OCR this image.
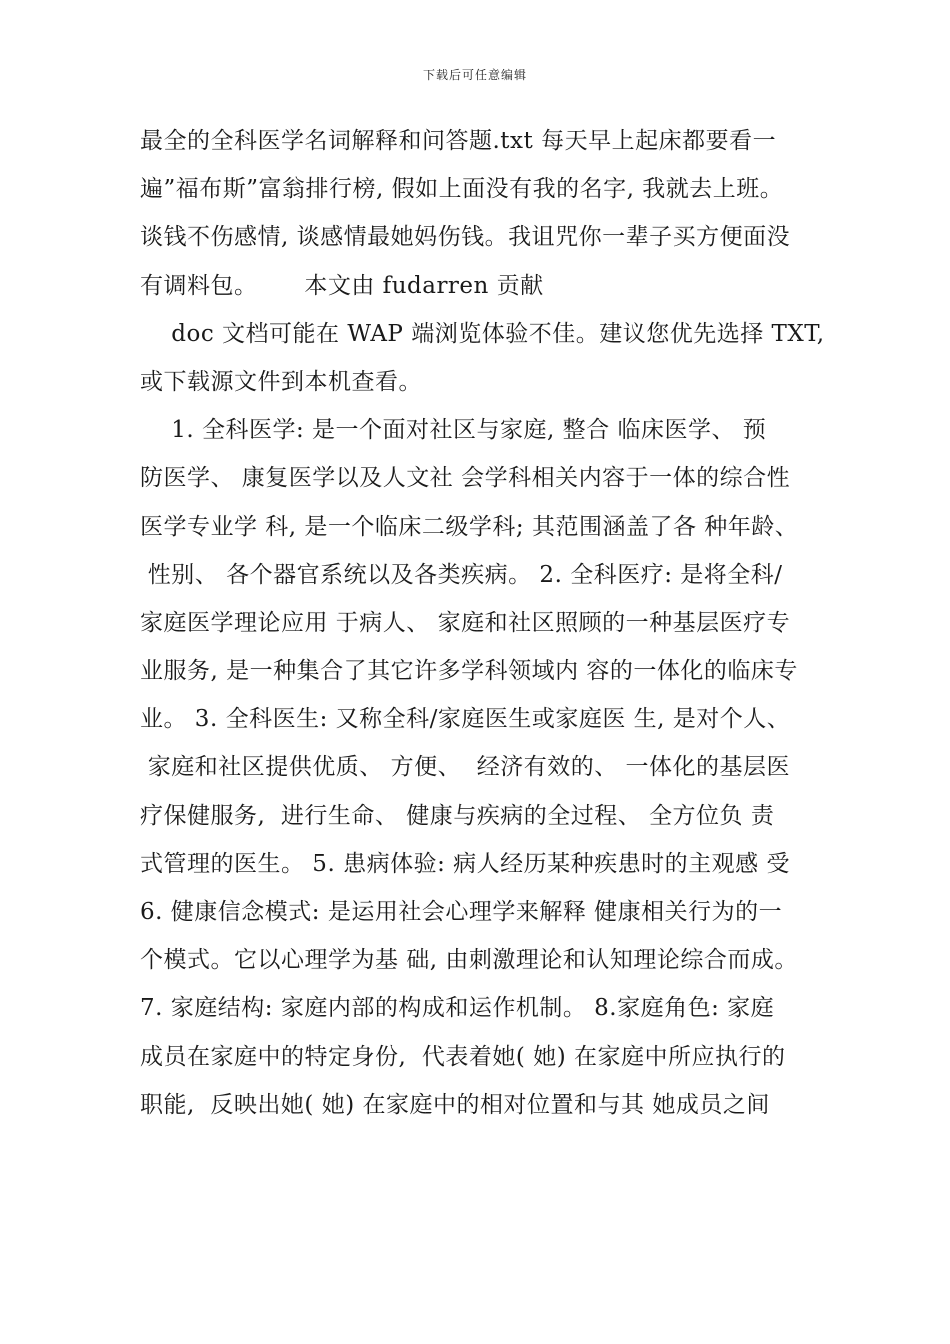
下载后可任意编辑
最全的全科医学名词解释和问答题.txt 每天早上起床都要看一
遍”福布斯”富翁排行榜, 假如上面没有我的名字, 我就去上班。
谈钱不伤感情, 谈感情最她妈伤钱。我诅咒你一辈子买方便面没
有调料包。      本文由 fudarren 贡献
doc 文档可能在 WAP 端浏览体验不佳。建议您优先选择 TXT,
或下载源文件到本机查看。
1. 全科医学: 是一个面对社区与家庭, 整合 临床医学、 预
防医学、 康复医学以及人文社 会学科相关内容于一体的综合性
医学专业学 科, 是一个临床二级学科; 其范围涵盖了各 种年龄、
性别、 各个器官系统以及各类疾病。 2. 全科医疗: 是将全科/
家庭医学理论应用 于病人、 家庭和社区照顾的一种基层医疗专
业服务, 是一种集合了其它许多学科领域内 容的一体化的临床专
业。 3. 全科医生: 又称全科/家庭医生或家庭医 生, 是对个人、
家庭和社区提供优质、 方便、  经济有效的、 一体化的基层医
疗保健服务,  进行生命、 健康与疾病的全过程、 全方位负 责
式管理的医生。 5. 患病体验: 病人经历某种疾患时的主观感 受
6. 健康信念模式: 是运用社会心理学来解释 健康相关行为的一
个模式。它以心理学为基 础, 由刺激理论和认知理论综合而成。
7. 家庭结构: 家庭内部的构成和运作机制。 8.家庭角色: 家庭
成员在家庭中的特定身份,  代表着她( 她) 在家庭中所应执行的
职能,  反映出她( 她) 在家庭中的相对位置和与其 她成员之间
